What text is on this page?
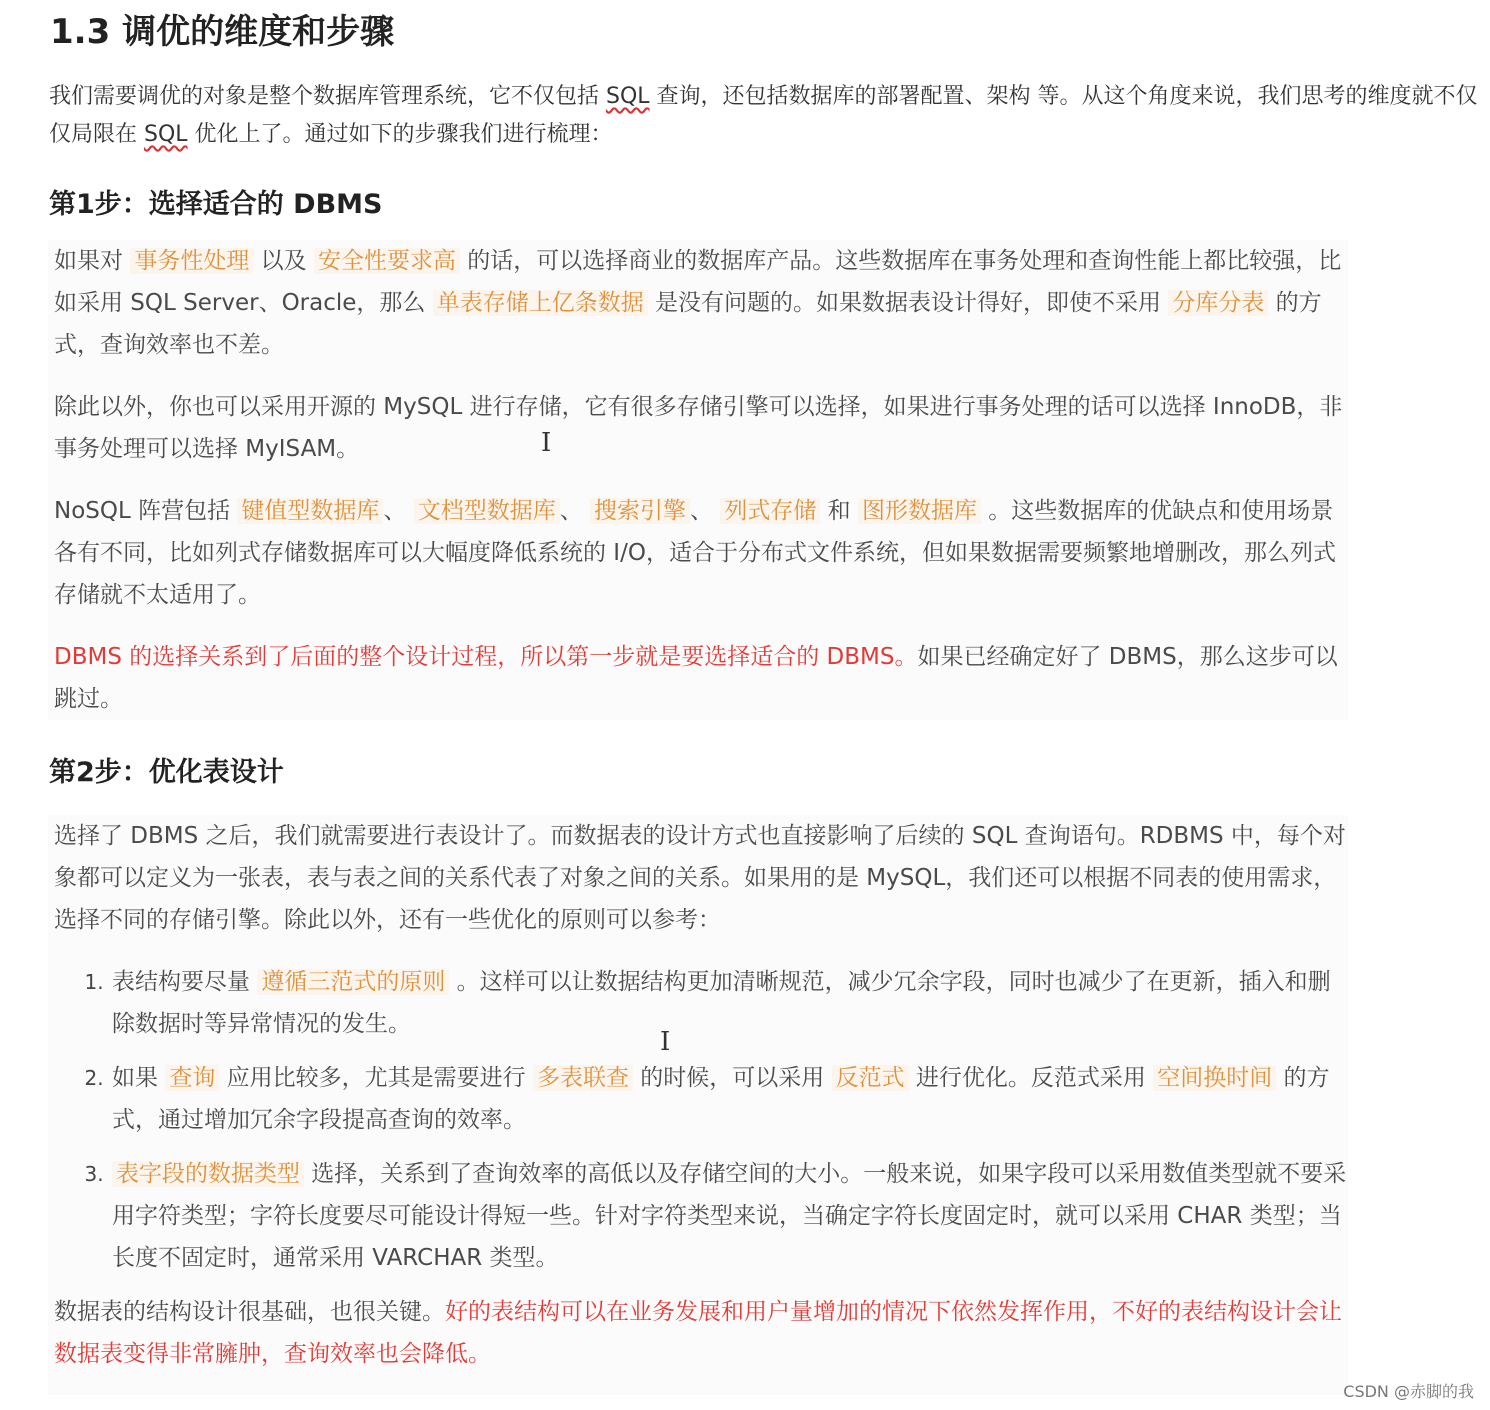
1.3 调优的维度和步骤

我们需要调优的对象是整个数据库管理系统，它不仅包括 SQL 查询，还包括数据库的部署配置、架构 等。从这个角度来说，我们思考的维度就不仅仅局限在 SQL 优化上了。通过如下的步骤我们进行梳理：

第1步：选择适合的 DBMS

如果对 事务性处理 以及 安全性要求高 的话，可以选择商业的数据库产品。这些数据库在事务处理和查询性能上都比较强，比如采用 SQL Server、Oracle，那么 单表存储上亿条数据 是没有问题的。如果数据表设计得好，即使不采用 分库分表 的方式，查询效率也不差。

除此以外，你也可以采用开源的 MySQL 进行存储，它有很多存储引擎可以选择，如果进行事务处理的话可以选择 InnoDB，非事务处理可以选择 MyISAM。

NoSQL 阵营包括 键值型数据库 、 文档型数据库 、 搜索引擎 、 列式存储 和 图形数据库 。这些数据库的优缺点和使用场景各有不同，比如列式存储数据库可以大幅度降低系统的 I/O，适合于分布式文件系统，但如果数据需要频繁地增删改，那么列式存储就不太适用了。

DBMS 的选择关系到了后面的整个设计过程，所以第一步就是要选择适合的 DBMS。如果已经确定好了 DBMS，那么这步可以跳过。

I
第2步：优化表设计

选择了 DBMS 之后，我们就需要进行表设计了。而数据表的设计方式也直接影响了后续的 SQL 查询语句。RDBMS 中，每个对象都可以定义为一张表，表与表之间的关系代表了对象之间的关系。如果用的是 MySQL，我们还可以根据不同表的使用需求，选择不同的存储引擎。除此以外，还有一些优化的原则可以参考：

1. 表结构要尽量 遵循三范式的原则 。这样可以让数据结构更加清晰规范，减少冗余字段，同时也减少了在更新，插入和删除数据时等异常情况的发生。
2. 如果 查询 应用比较多，尤其是需要进行 多表联查 的时候，可以采用 反范式 进行优化。反范式采用 空间换时间 的方式，通过增加冗余字段提高查询的效率。
3. 表字段的数据类型 选择，关系到了查询效率的高低以及存储空间的大小。一般来说，如果字段可以采用数值类型就不要采用字符类型；字符长度要尽可能设计得短一些。针对字符类型来说，当确定字符长度固定时，就可以采用 CHAR 类型；当长度不固定时，通常采用 VARCHAR 类型。

数据表的结构设计很基础，也很关键。好的表结构可以在业务发展和用户量增加的情况下依然发挥作用，不好的表结构设计会让数据表变得非常臃肿，查询效率也会降低。

I
CSDN @赤脚的我
